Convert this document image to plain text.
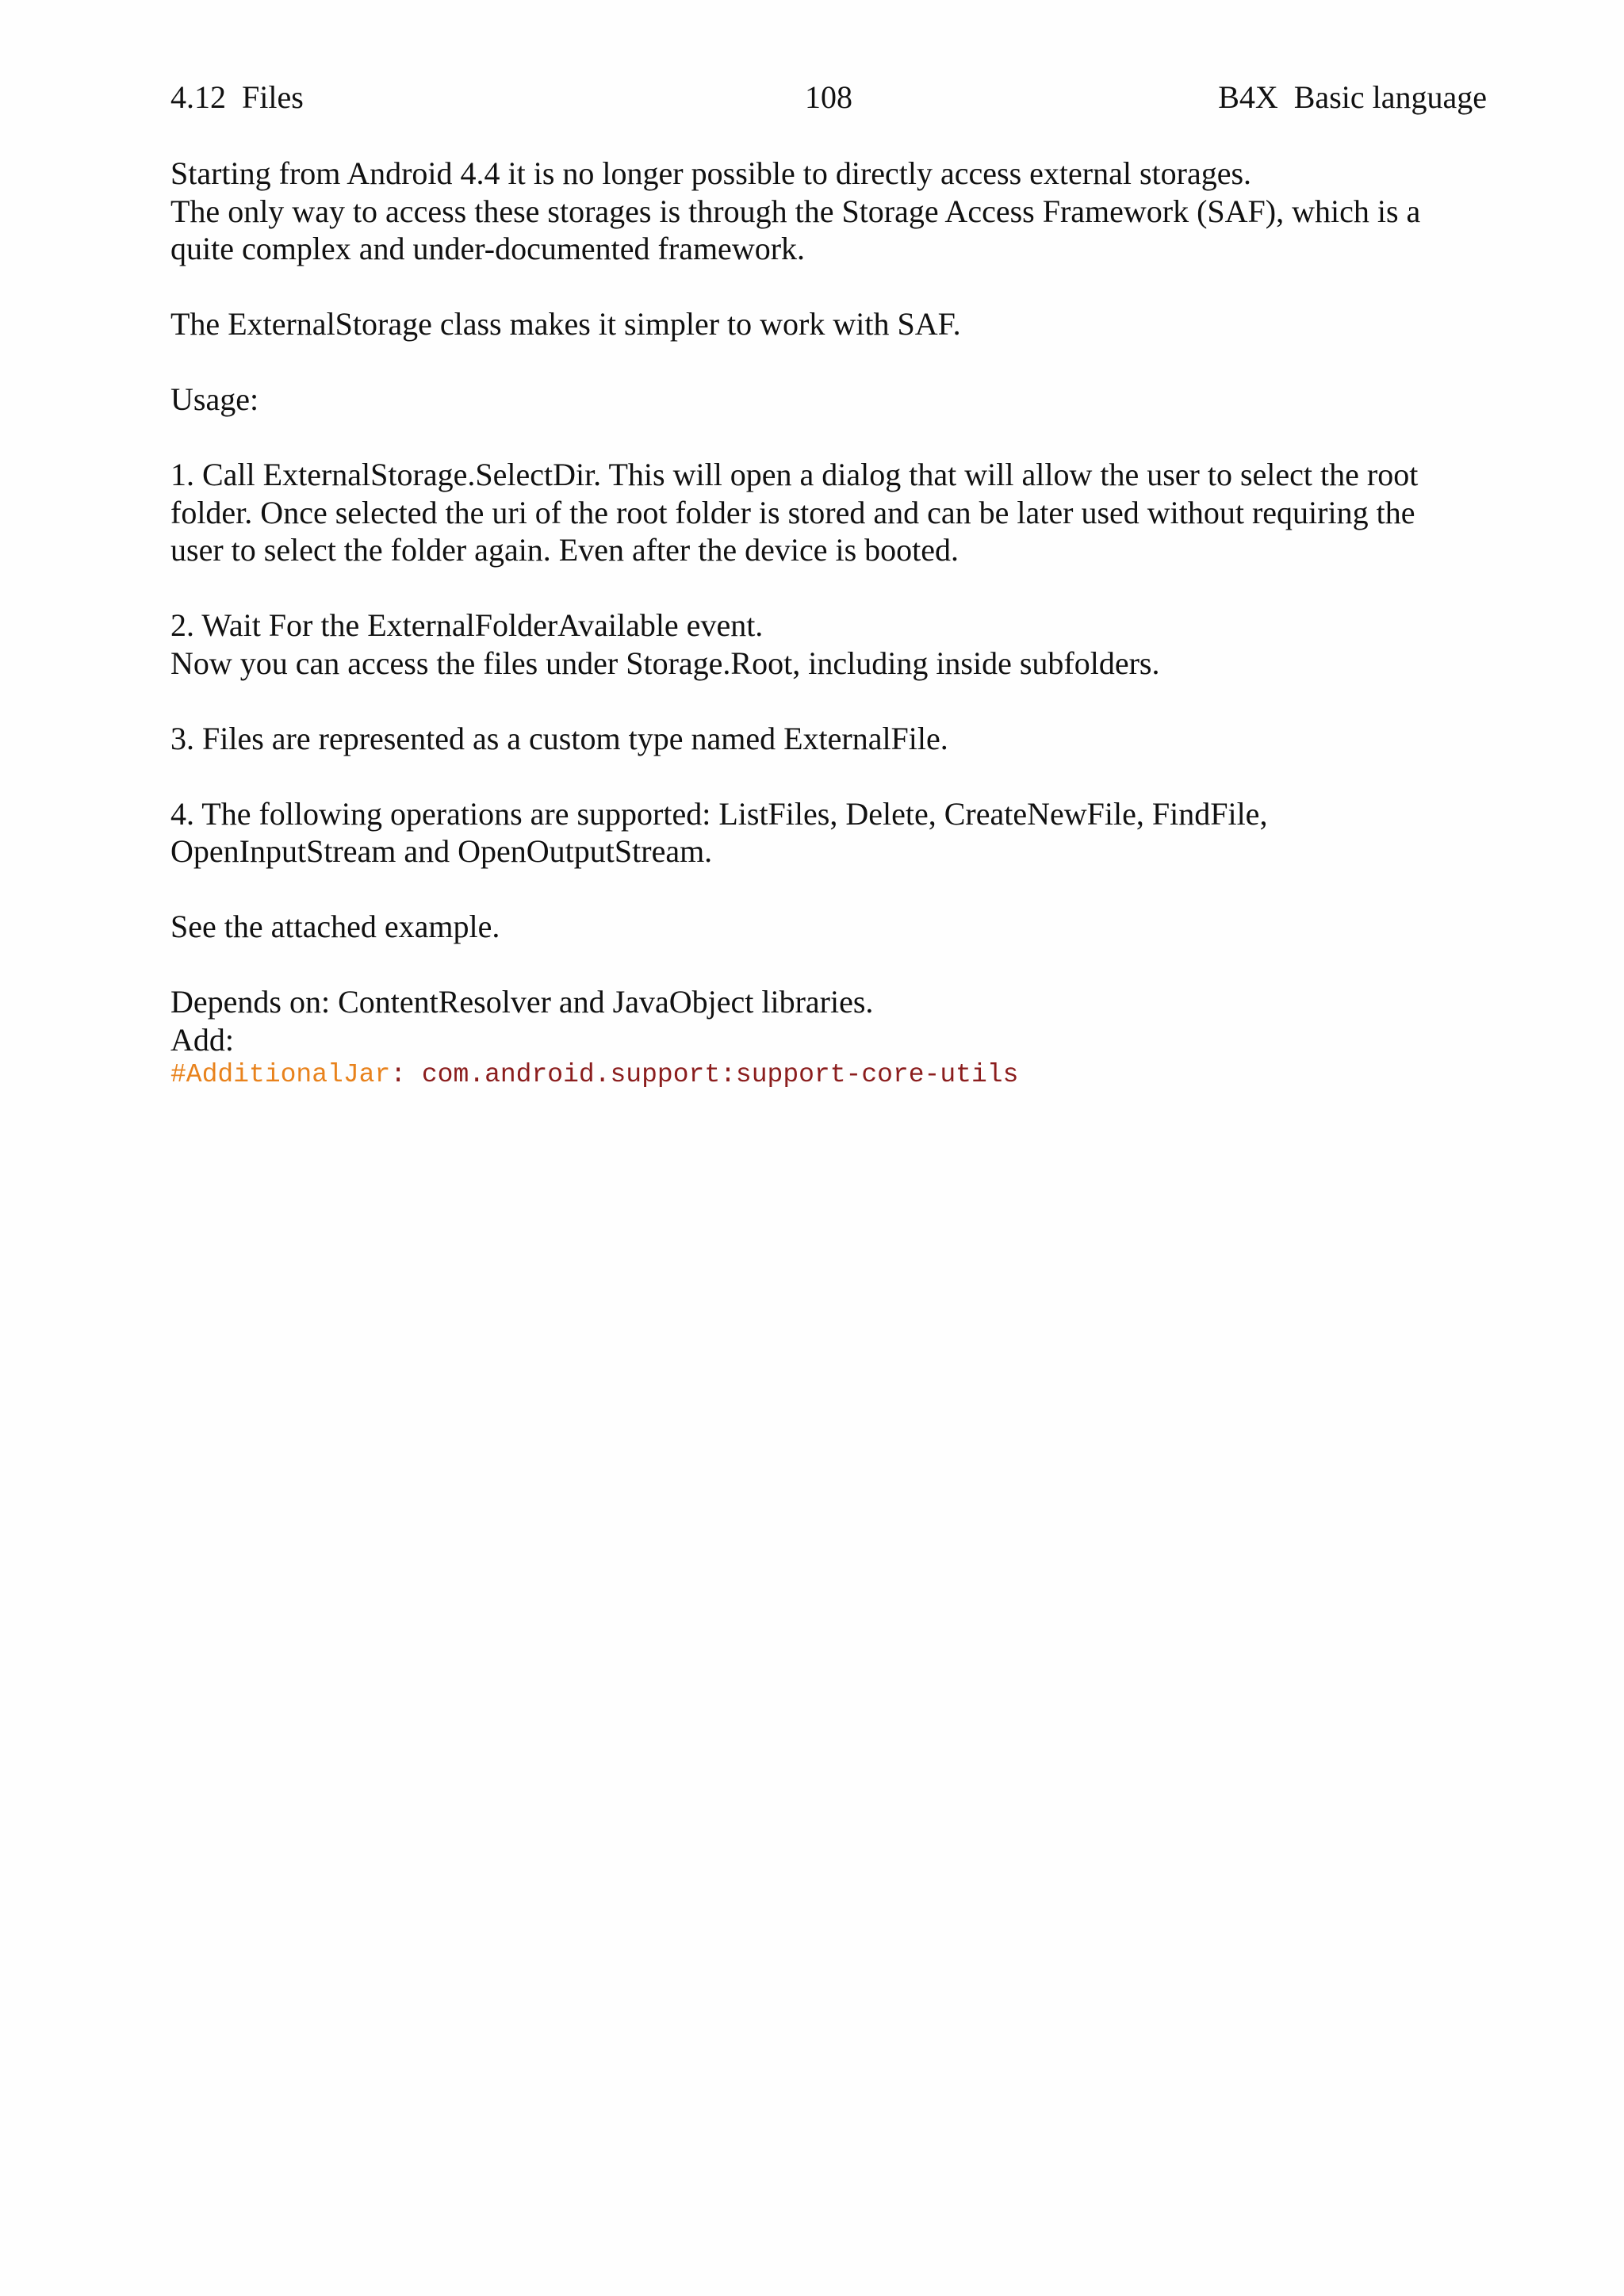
4.12  Files	108	B4X  Basic language

Starting from Android 4.4 it is no longer possible to directly access external storages.
The only way to access these storages is through the Storage Access Framework (SAF), which is a
quite complex and under-documented framework.

The ExternalStorage class makes it simpler to work with SAF.

Usage:

1. Call ExternalStorage.SelectDir. This will open a dialog that will allow the user to select the root
folder. Once selected the uri of the root folder is stored and can be later used without requiring the
user to select the folder again. Even after the device is booted.

2. Wait For the ExternalFolderAvailable event.
Now you can access the files under Storage.Root, including inside subfolders.

3. Files are represented as a custom type named ExternalFile.

4. The following operations are supported: ListFiles, Delete, CreateNewFile, FindFile,
OpenInputStream and OpenOutputStream.

See the attached example.

Depends on: ContentResolver and JavaObject libraries.
Add:

#AdditionalJar: com.android.support:support-core-utils
